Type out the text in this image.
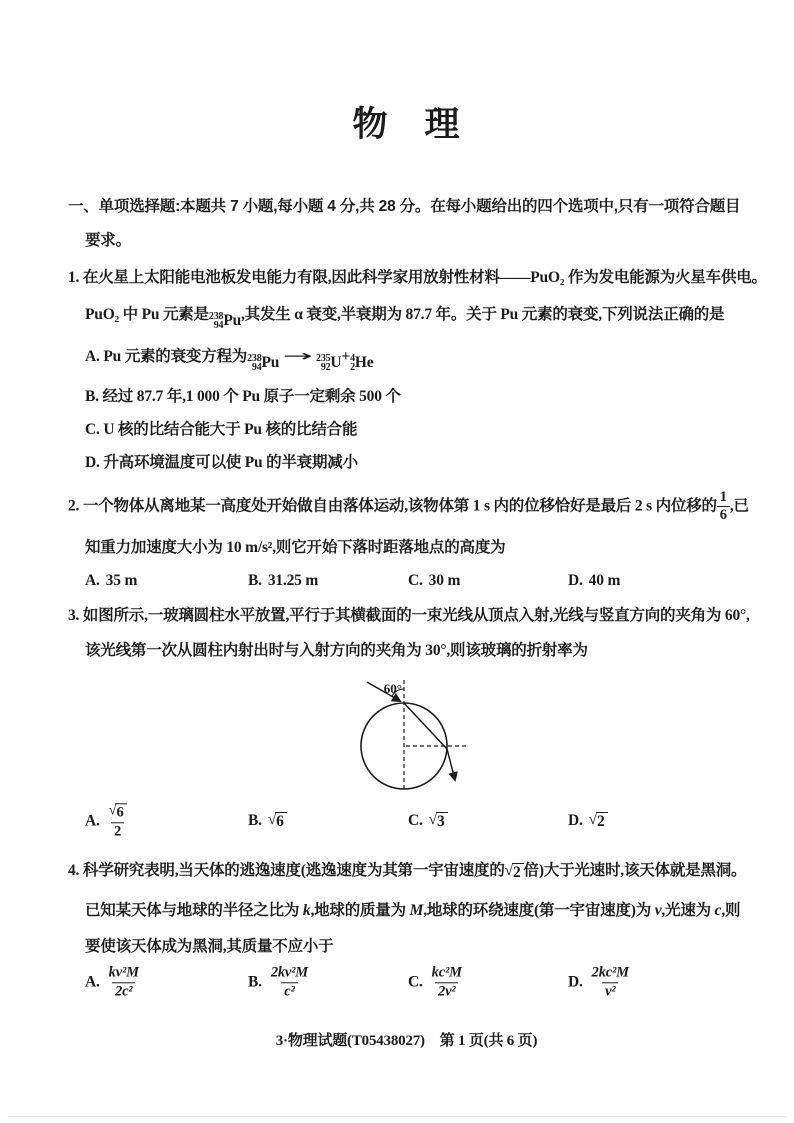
物　理
一、单项选择题:本题共 7 小题,每小题 4 分,共 28 分。在每小题给出的四个选项中,只有一项符合题目
要求。
1. 在火星上太阳能电池板发电能力有限,因此科学家用放射性材料——PuO₂ 作为发电能源为火星车供电。
PuO₂ 中 Pu 元素是 238
94 Pu ,其发生 α 衰变,半衰期为 87.7 年。关于 Pu 元素的衰变,下列说法正确的是
A. Pu 元素的衰变方程为 238
94 Pu → 235
92 U + 4
2 He
B. 经过 87.7 年,1 000 个 Pu 原子一定剩余 500 个
C. U 核的比结合能大于 Pu 核的比结合能
D. 升高环境温度可以使 Pu 的半衰期减小
2. 一个物体从离地某一高度处开始做自由落体运动,该物体第 1 s 内的位移恰好是最后 2 s 内位移的 $\frac{1}{6}$ ,已
知重力加速度大小为 10 m/s²,则它开始下落时距落地点的高度为
A. 35 m	B. 31.25 m	C. 30 m	D. 40 m
3. 如图所示,一玻璃圆柱水平放置,平行于其横截面的一束光线从顶点入射,光线与竖直方向的夹角为 60°,
该光线第一次从圆柱内射出时与入射方向的夹角为 30°,则该玻璃的折射率为
60°
A. $\frac{√ 6}{2}$	B. √ 6	C. √ 3	D. √ 2
4. 科学研究表明,当天体的逃逸速度(逃逸速度为其第一宇宙速度的 √ 2 倍)大于光速时,该天体就是黑洞。
已知某天体与地球的半径之比为 k,地球的质量为 M,地球的环绕速度(第一宇宙速度)为 v,光速为 c,则
要使该天体成为黑洞,其质量不应小于
A. $\frac{\text{kv²M}}{\text{2c²}}$	B. $\frac{\text{2kv²M}}{\text{c²}}$	C. $\frac{\text{kc²M}}{\text{2v²}}$	D. $\frac{\text{2kc²M}}{\text{v²}}$
3·物理试题(T05438027)　第 1 页(共 6 页)
